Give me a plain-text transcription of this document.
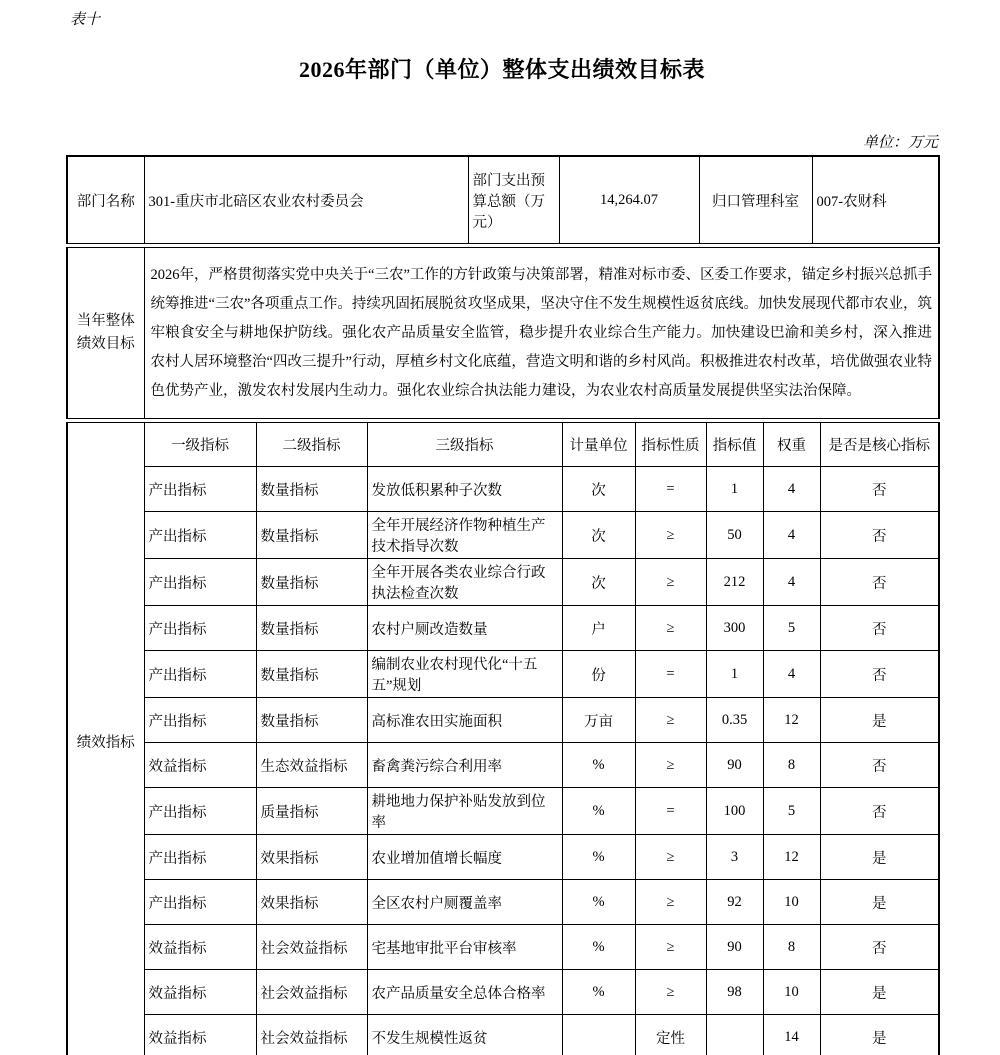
表十
2026年部门（单位）整体支出绩效目标表
单位：万元
部门名称	301-重庆市北碚区农业农村委员会	部门支出预算总额（万元）	14,264.07	归口管理科室	007-农财科
当年整体绩效目标	2026年，严格贯彻落实党中央关于“三农”工作的方针政策与决策部署，精准对标市委、区委工作要求，锚定乡村振兴总抓手统筹推进“三农”各项重点工作。持续巩固拓展脱贫攻坚成果，坚决守住不发生规模性返贫底线。加快发展现代都市农业，筑牢粮食安全与耕地保护防线。强化农产品质量安全监管，稳步提升农业综合生产能力。加快建设巴渝和美乡村，深入推进农村人居环境整治“四改三提升”行动，厚植乡村文化底蕴，营造文明和谐的乡村风尚。积极推进农村改革，培优做强农业特色优势产业，激发农村发展内生动力。强化农业综合执法能力建设，为农业农村高质量发展提供坚实法治保障。
绩效指标	一级指标	二级指标	三级指标	计量单位	指标性质	指标值	权重	是否是核心指标
	产出指标	数量指标	发放低积累种子次数	次	=	1	4	否
	产出指标	数量指标	全年开展经济作物种植生产技术指导次数	次	≥	50	4	否
	产出指标	数量指标	全年开展各类农业综合行政执法检查次数	次	≥	212	4	否
	产出指标	数量指标	农村户厕改造数量	户	≥	300	5	否
	产出指标	数量指标	编制农业农村现代化“十五五”规划	份	=	1	4	否
	产出指标	数量指标	高标准农田实施面积	万亩	≥	0.35	12	是
	效益指标	生态效益指标	畜禽粪污综合利用率	%	≥	90	8	否
	产出指标	质量指标	耕地地力保护补贴发放到位率	%	=	100	5	否
	产出指标	效果指标	农业增加值增长幅度	%	≥	3	12	是
	产出指标	效果指标	全区农村户厕覆盖率	%	≥	92	10	是
	效益指标	社会效益指标	宅基地审批平台审核率	%	≥	90	8	否
	效益指标	社会效益指标	农产品质量安全总体合格率	%	≥	98	10	是
	效益指标	社会效益指标	不发生规模性返贫		定性		14	是
